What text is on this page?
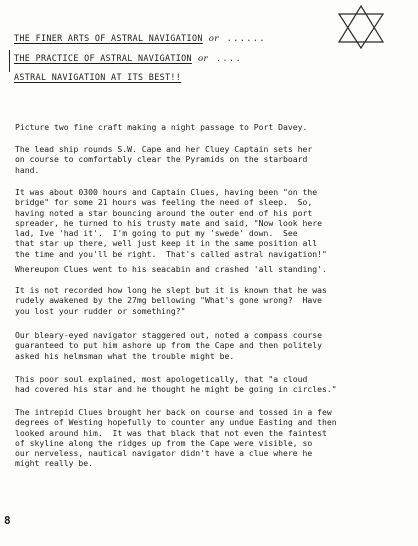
THE FINER ARTS OF ASTRAL NAVIGATION or ......
THE PRACTICE OF ASTRAL NAVIGATION or ....
ASTRAL NAVIGATION AT ITS BEST!!

Picture two fine craft making a night passage to Port Davey.

The lead ship rounds S.W. Cape and her Cluey Captain sets her
on course to comfortably clear the Pyramids on the starboard
hand.

It was about 0300 hours and Captain Clues, having been "on the
bridge" for some 21 hours was feeling the need of sleep.  So,
having noted a star bouncing around the outer end of his port
spreader, he turned to his trusty mate and said, "Now look here
lad, Ive 'had it'.  I'm going to put my 'swede' down.  See
that star up there, well just keep it in the same position all
the time and you'll be right.  That's called astral navigation!"

Whereupon Clues went to his seacabin and crashed 'all standing'.

It is not recorded how long he slept but it is known that he was
rudely awakened by the 27mg bellowing "What's gone wrong?  Have
you lost your rudder or something?"

Our bleary-eyed navigator staggered out, noted a compass course
guaranteed to put him ashore up from the Cape and then politely
asked his helmsman what the trouble might be.

This poor soul explained, most apologetically, that "a cloud
had covered his star and he thought he might be going in circles."

The intrepid Clues brought her back on course and tossed in a few
degrees of Westing hopefully to counter any undue Easting and then
looked around him.  It was that black that not even the faintest
of skyline along the ridges up from the Cape were visible, so
our nerveless, nautical navigator didn't have a clue where he
might really be.

8
